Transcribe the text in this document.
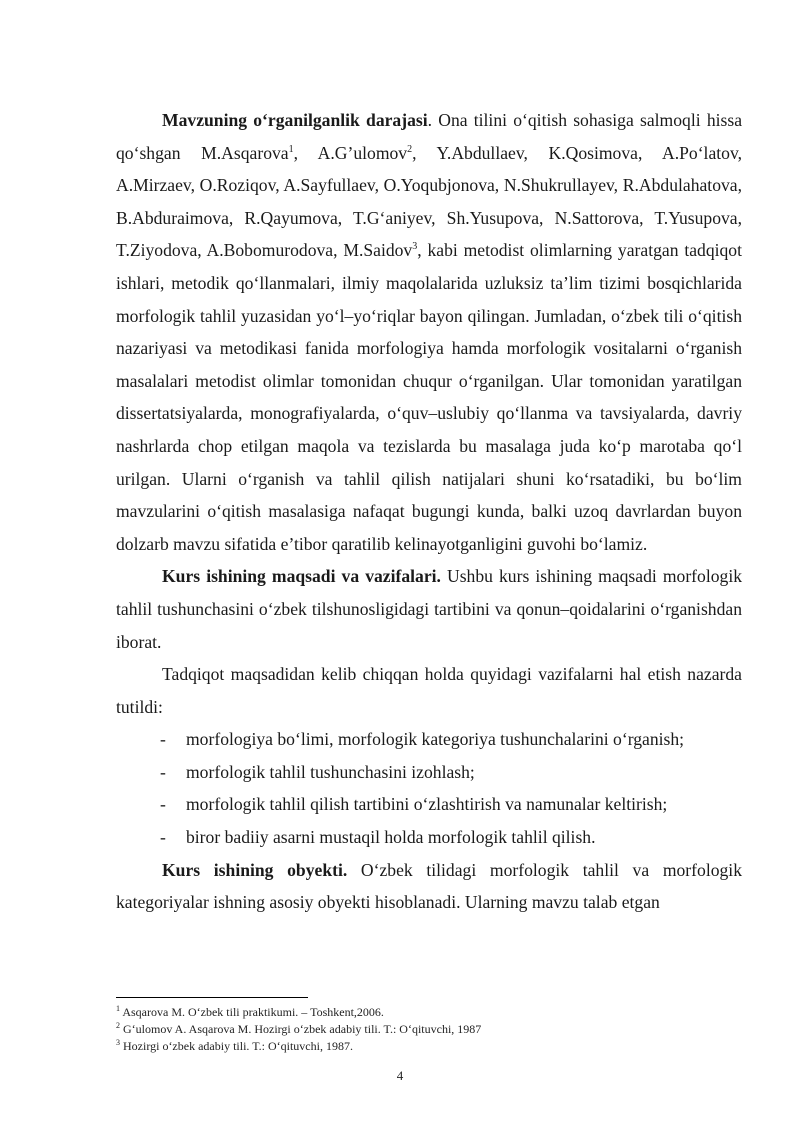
Mavzuning o‘rganilganlik darajasi. Ona tilini o‘qitish sohasiga salmoqli hissa qo‘shgan M.Asqarova$^1$, A.G’ulomov$^2$, Y.Abdullaev, K.Qosimova, A.Po‘latov, A.Mirzaev, O.Roziqov, A.Sayfullaev, O.Yoqubjonova, N.Shukrullayev, R.Abdulahatova, B.Abduraimova, R.Qayumova, T.G‘aniyev, Sh.Yusupova, N.Sattorova, T.Yusupova, T.Ziyodova, A.Bobomurodova, M.Saidov$^3$, kabi metodist olimlarning yaratgan tadqiqot ishlari, metodik qo‘llanmalari, ilmiy maqolalarida uzluksiz ta’lim tizimi bosqichlarida morfologik tahlil yuzasidan yo‘l–yo‘riqlar bayon qilingan. Jumladan, o‘zbek tili o‘qitish nazariyasi va metodikasi fanida morfologiya hamda morfologik vositalarni o‘rganish masalalari metodist olimlar tomonidan chuqur o‘rganilgan. Ular tomonidan yaratilgan dissertatsiyalarda, monografiyalarda, o‘quv–uslubiy qo‘llanma va tavsiyalarda, davriy nashrlarda chop etilgan maqola va tezislarda bu masalaga juda ko‘p marotaba qo‘l urilgan. Ularni o‘rganish va tahlil qilish natijalari shuni ko‘rsatadiki, bu bo‘lim mavzularini o‘qitish masalasiga nafaqat bugungi kunda, balki uzoq davrlardan buyon dolzarb mavzu sifatida e’tibor qaratilib kelinayotganligini guvohi bo‘lamiz.

Kurs ishining maqsadi va vazifalari. Ushbu kurs ishining maqsadi morfologik tahlil tushunchasini o‘zbek tilshunosligidagi tartibini va qonun–qoidalarini o‘rganishdan iborat.

Tadqiqot maqsadidan kelib chiqqan holda quyidagi vazifalarni hal etish nazarda tutildi:

- morfologiya bo‘limi, morfologik kategoriya tushunchalarini o‘rganish;
- morfologik tahlil tushunchasini izohlash;
- morfologik tahlil qilish tartibini o‘zlashtirish va namunalar keltirish;
- biror badiiy asarni mustaqil holda morfologik tahlil qilish.

Kurs ishining obyekti. O‘zbek tilidagi morfologik tahlil va morfologik kategoriyalar ishning asosiy obyekti hisoblanadi. Ularning mavzu talab etgan

$^1$ Asqarova M. O‘zbek tili praktikumi. – Toshkent,2006.
$^2$ G‘ulomov A. Asqarova M. Hozirgi o‘zbek adabiy tili. T.: O‘qituvchi, 1987
$^3$ Hozirgi o‘zbek adabiy tili. T.: O‘qituvchi, 1987.
4
